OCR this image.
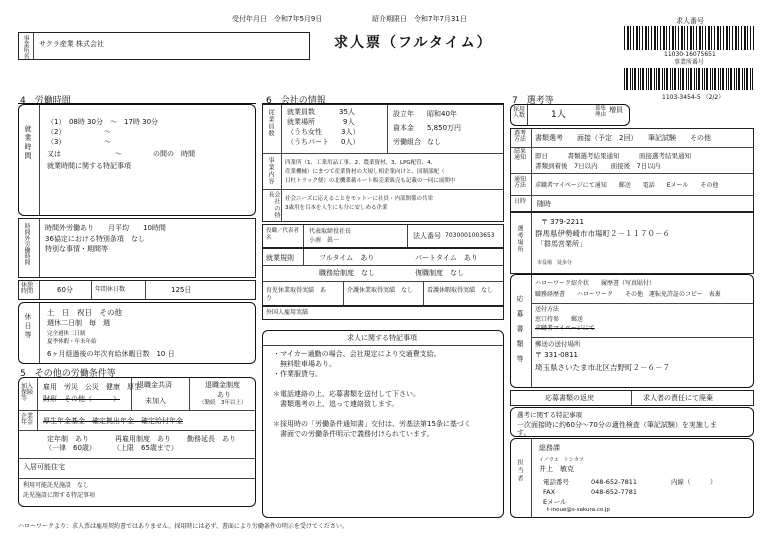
受付年月日　令和7年5月9日	紹介期限日　令和7年7月31日
求人票（フルタイム）
事業所名 サクラ産業 株式会社
求人番号
11030-16075651
事業所番号
1103-3454-5 （2/2）
4　労働時間
就業時間
（1）　08時 30分　～　17時 30分
（2）　　　　　　～
（3）　　　　　　～
又は	～	の間の　時間
就業時間に関する特記事項
時間外労働時間 時間外労働あり　　月平均　　10時間
36協定における特別条項　なし
特別な事情・期間等
休憩時間	60分	年間休日数	125日
休日等
土　日　祝日　その他
週休二日制　毎　週
完全週休二日制
夏季休暇・年末年始
6ヶ月経過後の年次有給休暇日数　10 日
5　その他の労働条件等
加入保険等
雇用　労災　公災　健康　厚生
財形　その他（　　　）
退職金共済
未加入
退職金制度
あり
（勤続　3年以上）
企業年金 厚生年金基金　確定拠出年金　確定給付年金
定年制　あり
（一律　60歳）
再雇用制度　あり
（上限　65歳まで）
勤務延長　あり
入居可能住宅
利用可能託児施設　なし
託児施設に関する特記事項
6　会社の情報
従業員数 就業員数	35人
就業場所	9人
（うち女性	3人）
（うちパート 0人）
設立年 昭和40年
資本金 5,850万円
労働組合 なし
事業内容 四業所（1、工業用品工事、2、農業資材、3、LPG配管、4、
産業機械）にまつて産業資材の大規し相企業向けと、国制部配（
日杜トラック便）の北機業載ルート販売業販売も記載の一同に展開中
会社の特長
社会ニーズに応えることをモットーに社員・内部関係の共栄
3歳用を目本を人生にも分に安しめる企業
役職／代表者名
代表取締役社長
小南　眞一
法人番号 7030001003653
就業規則	フルタイム　あり	パートタイム　あり
職務給制度　なし	復職制度　なし
育児休業取得実績　あり
介護休業取得実績　なし	看護休暇取得実績　なし
外国人雇用実績
求人に関する特記事項
・マイカー通勤の場合、会社規定により交通費支給。
　無料駐車場あり。
・作業服貸与。
＊電話連絡の上、応募書類を送付して下さい。
　書類選考の上、追って連絡致します。
＊採用時の「労働条件通知書」交付は、労基法第15条に基づく
　書面での労働条件明示で義務付けられています。
7　選考等
採用人数	1人
募集理由
増員
選考方法 書類選考　　面接（予定　2回）　　筆記試験　　その他
結果通知	即日　　　書類選考結果通知　　　面接選考結果通知
書類到着後　7日以内　　面接後　7日以内
通知方法	求職者マイページにて通知　　郵送　　電話　　Eメール　　その他
日時 随時
選考場所
〒 379-2211
群馬県伊勢崎市市場町２－１１７０－６
「群馬営業所」
市役場　徒歩分
応募書類等
ハローワーク紹介状　　履歴書（写真貼付）
職務経歴書　　ハローワーク　　その他　運転免許証のコピー　表裏
送付方法
窓口持参　　郵送
求職者マイページにて
郵送の送付場所
〒 331-0811
埼玉県さいたま市北区吉野町２－６－７
応募書類の返戻	求人者の責任にて廃棄
選考に関する特記事項
一次面接時に約60分～70分の適性検査（筆記試験）を実施しま
す。
担当者
総務課
イノウエ　トシカツ
井上　敏克
電話番号	048-652-7811	内線（　　　）
FAX	048-652-7781
Eメール
t-inoue@s-sakura.co.jp
ハローワークより：求人票は雇用契約書ではありません。採用時には必ず、書面により労働条件の明示を受けてください。
